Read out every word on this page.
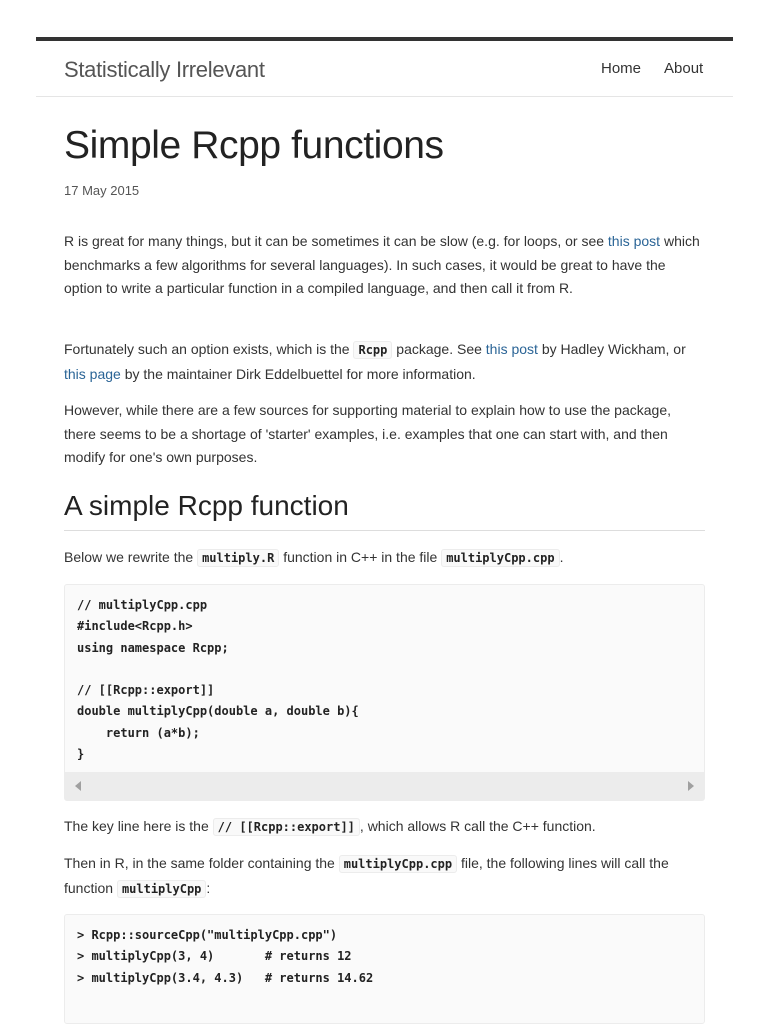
Statistically Irrelevant	Home About
Simple Rcpp functions
17 May 2015

R is great for many things, but it can be sometimes it can be slow (e.g. for loops, or see this post which benchmarks a few algorithms for several languages). In such cases, it would be great to have the option to write a particular function in a compiled language, and then call it from R.

Fortunately such an option exists, which is the Rcpp package. See this post by Hadley Wickham, or this page by the maintainer Dirk Eddelbuettel for more information.

However, while there are a few sources for supporting material to explain how to use the package, there seems to be a shortage of 'starter' examples, i.e. examples that one can start with, and then modify for one's own purposes.

A simple Rcpp function

Below we rewrite the multiply.R function in C++ in the file multiplyCpp.cpp .

// multiplyCpp.cpp
#include<Rcpp.h>
using namespace Rcpp;

// [[Rcpp::export]]
double multiplyCpp(double a, double b){
return (a*b);
}

The key line here is the // [[Rcpp::export]] , which allows R call the C++ function.

Then in R, in the same folder containing the multiplyCpp.cpp file, the following lines will call the function multiplyCpp :

> Rcpp::sourceCpp("multiplyCpp.cpp")
> multiplyCpp(3, 4)       # returns 12
> multiplyCpp(3.4, 4.3)   # returns 14.62
